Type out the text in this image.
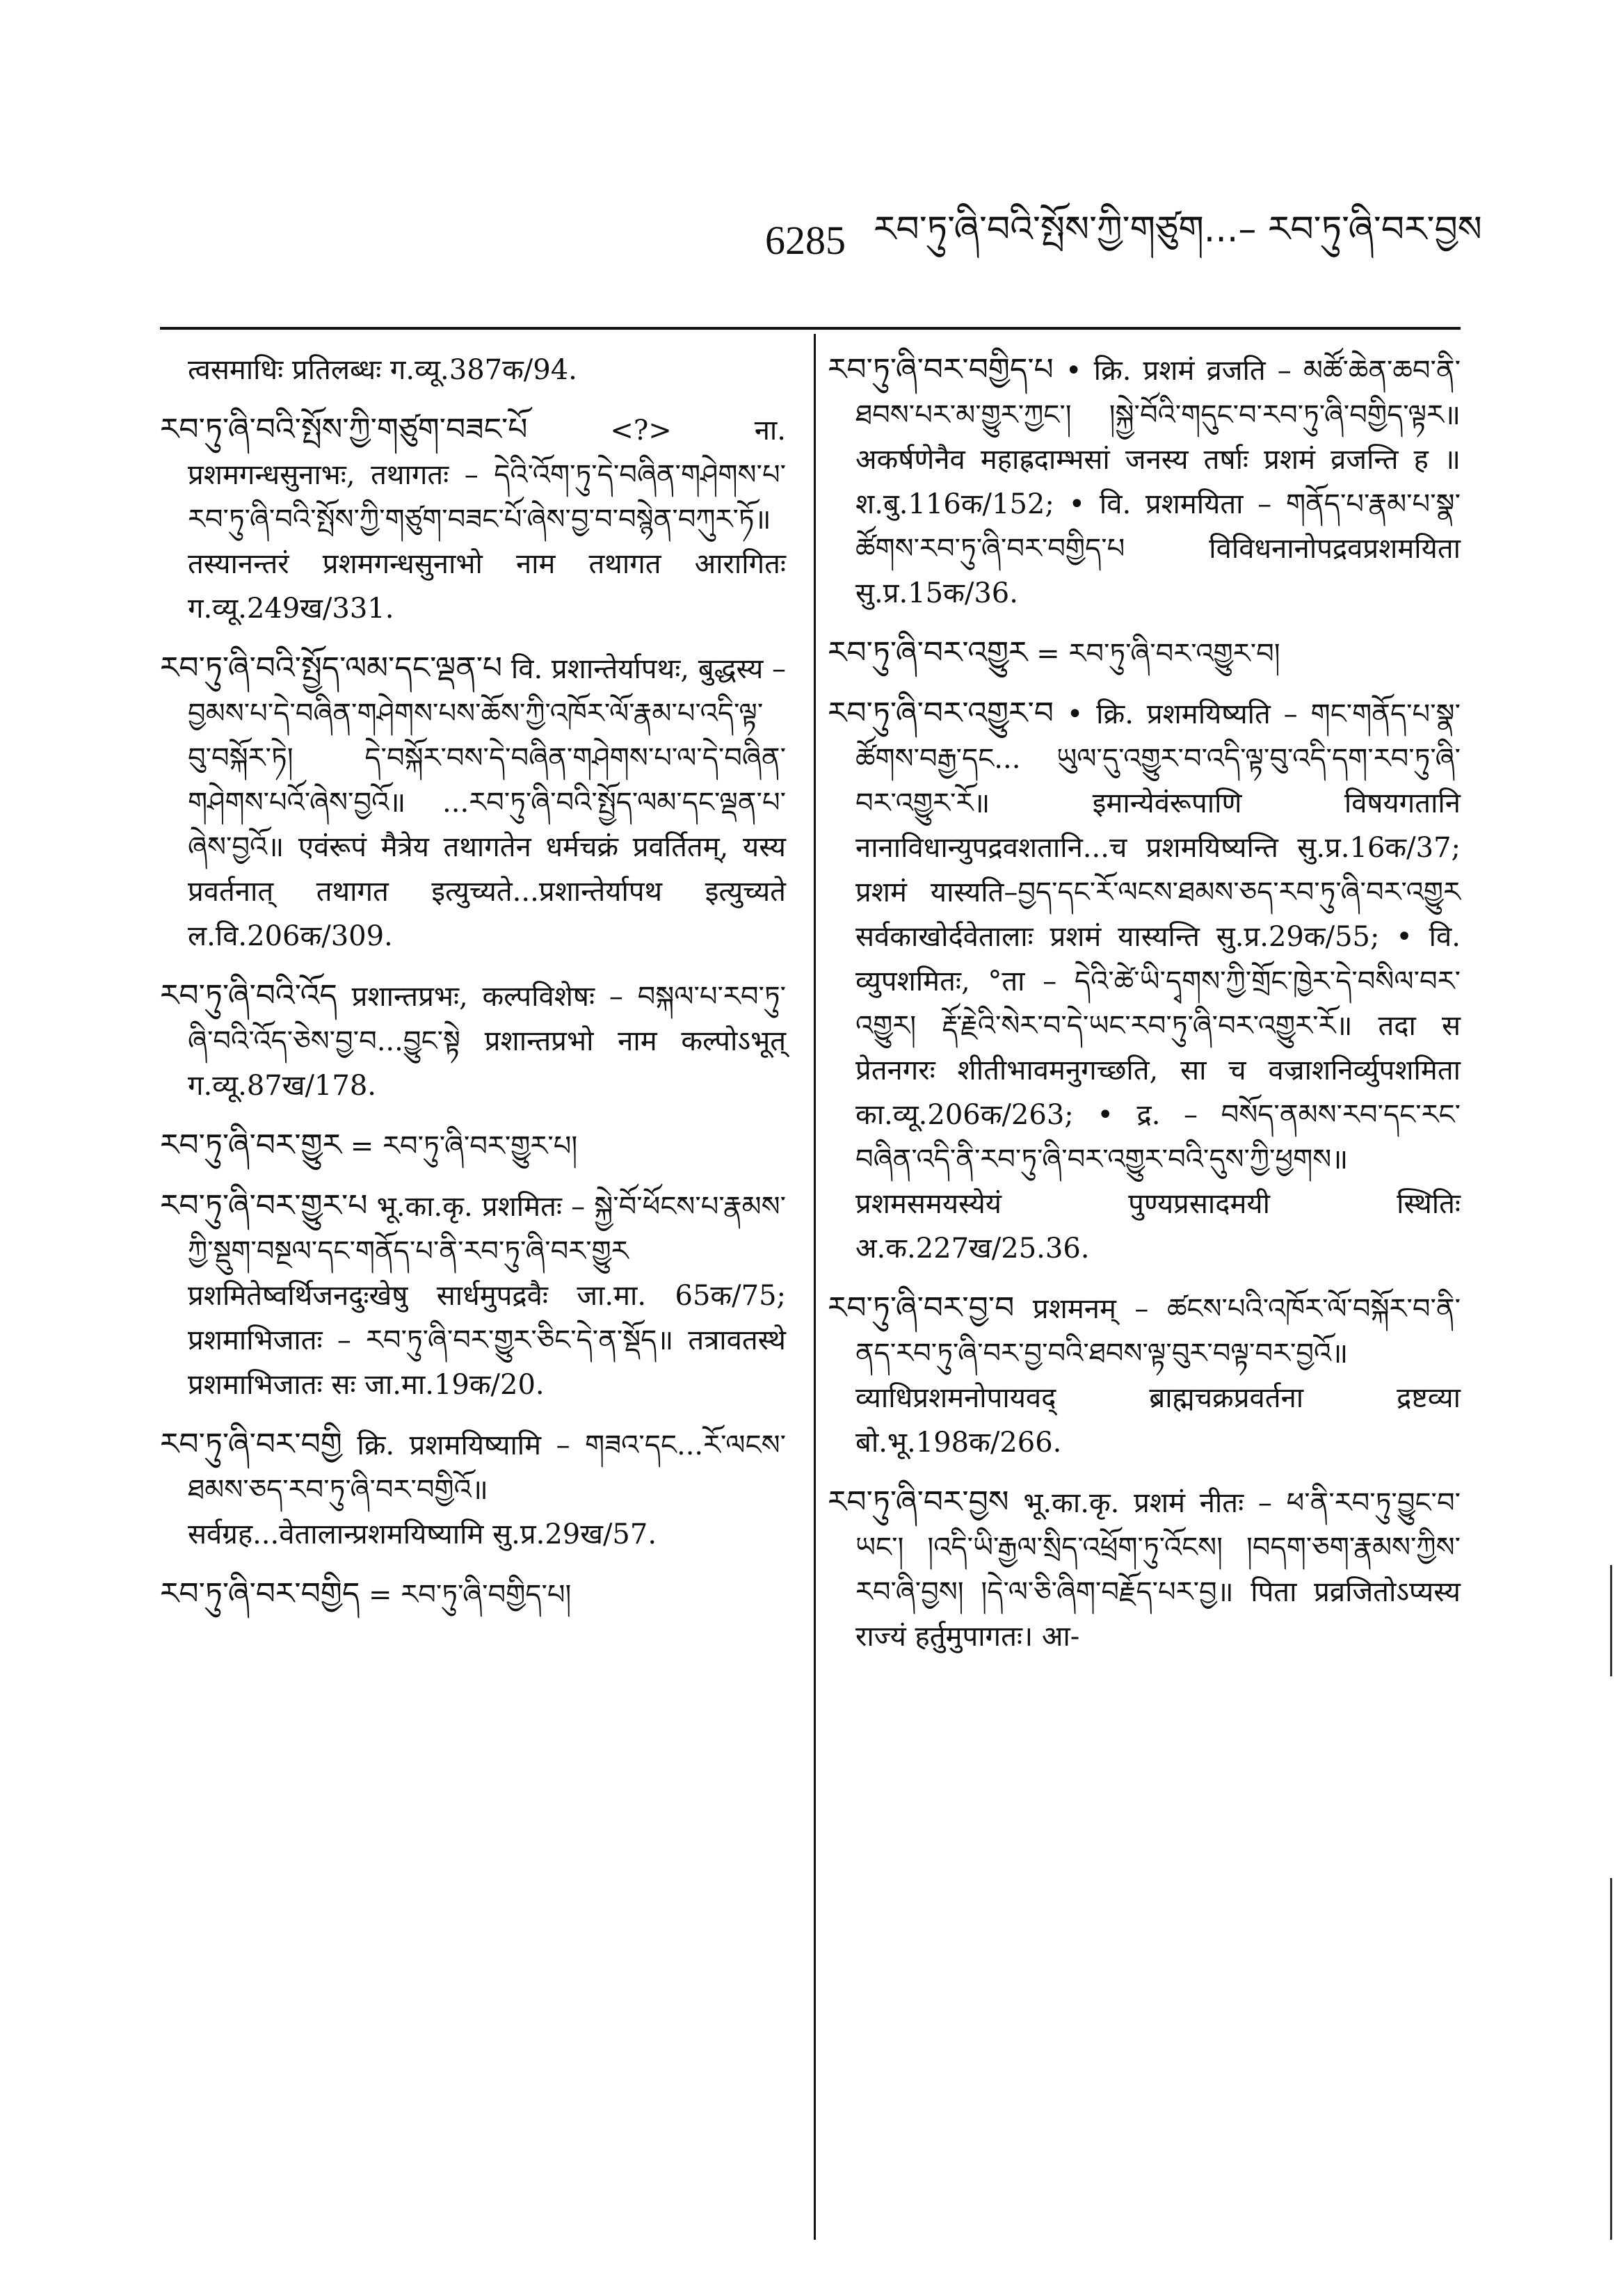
6285 རབ་ཏུ་ཞི་བའི་སྤོས་ཀྱི་གཙུག...– རབ་ཏུ་ཞི་བར་བྱས
त्वसमाधिः प्रतिलब्धः ग.व्यू.387क/94.
རབ་ཏུ་ཞི་བའི་སྤོས་ཀྱི་གཙུག་བཟང་པོ	<?> ना. प्रशमगन्धसुनाभः, तथागतः – དེའི་འོག་ཏུ་དེ་བཞིན་གཤེགས་པ་རབ་ཏུ་ཞི་བའི་སྤོས་ཀྱི་གཙུག་བཟང་པོ་ཞེས་བྱ་བ་བསྙེན་བཀུར་ཏོ॥ तस्यानन्तरं प्रशमगन्धसुनाभो नाम तथागत आरागितः ग.व्यू.249ख/331.
རབ་ཏུ་ཞི་བའི་སྤྱོད་ལམ་དང་ལྡན་པ वि. प्रशान्तेर्यापथः, बुद्धस्य – བྱམས་པ་དེ་བཞིན་གཤེགས་པས་ཆོས་ཀྱི་འཁོར་ལོ་རྣམ་པ་འདི་ལྟ་བུ་བསྐོར་ཏེ། དེ་བསྐོར་བས་དེ་བཞིན་གཤེགས་པ་ལ་དེ་བཞིན་གཤེགས་པའོ་ཞེས་བྱའོ॥ ...རབ་ཏུ་ཞི་བའི་སྤྱོད་ལམ་དང་ལྡན་པ་ཞེས་བྱའོ॥ एवंरूपं मैत्रेय तथागतेन धर्मचक्रं प्रवर्तितम्, यस्य प्रवर्तनात् तथागत इत्युच्यते...प्रशान्तेर्यापथ इत्युच्यते ल.वि.206क/309.
རབ་ཏུ་ཞི་བའི་འོད प्रशान्तप्रभः, कल्पविशेषः – བསྐལ་པ་རབ་ཏུ་ཞི་བའི་འོད་ཅེས་བྱ་བ...བྱུང་སྟེ प्रशान्तप्रभो नाम कल्पोऽभूत् ग.व्यू.87ख/178.
རབ་ཏུ་ཞི་བར་གྱུར = རབ་ཏུ་ཞི་བར་གྱུར་པ།
རབ་ཏུ་ཞི་བར་གྱུར་པ भू.का.कृ. प्रशमितः – སྐྱེ་བོ་ཕོངས་པ་རྣམས་ཀྱི་སྡུག་བསྔལ་དང་གནོད་པ་ནི་རབ་ཏུ་ཞི་བར་གྱུར प्रशमितेष्वर्थिजनदुःखेषु सार्धमुपद्रवैः जा.मा. 65क/75; प्रशमाभिजातः – རབ་ཏུ་ཞི་བར་གྱུར་ཅིང་དེ་ན་སྡོད॥ तत्रावतस्थे प्रशमाभिजातः सः जा.मा.19क/20.
རབ་ཏུ་ཞི་བར་བགྱི क्रि. प्रशमयिष्यामि – གཟའ་དང...རོ་ལངས་ཐམས་ཅད་རབ་ཏུ་ཞི་བར་བགྱིའོ॥ सर्वग्रह...वेतालान्प्रशमयिष्यामि सु.प्र.29ख/57.
རབ་ཏུ་ཞི་བར་བགྱིད = རབ་ཏུ་ཞི་བགྱིད་པ།
རབ་ཏུ་ཞི་བར་བགྱིད་པ • क्रि. प्रशमं व्रजति – མཚོ་ཆེན་ཆབ་ནི་ཐབས་པར་མ་གྱུར་ཀྱང་། །སྐྱེ་བོའི་གདུང་བ་རབ་ཏུ་ཞི་བགྱིད་ལྟར॥ अकर्षणेनैव महाह्रदाम्भसां जनस्य तर्षाः प्रशमं व्रजन्ति ह ॥ श.बु.116क/152; • वि. प्रशमयिता – གནོད་པ་རྣམ་པ་སྣ་ཚོགས་རབ་ཏུ་ཞི་བར་བགྱིད་པ विविधनानोपद्रवप्रशमयिता सु.प्र.15क/36.
རབ་ཏུ་ཞི་བར་འགྱུར = རབ་ཏུ་ཞི་བར་འགྱུར་བ།
རབ་ཏུ་ཞི་བར་འགྱུར་བ • क्रि. प्रशमयिष्यति – གང་གནོད་པ་སྣ་ཚོགས་བརྒྱ་དང... ཡུལ་དུ་འགྱུར་བ་འདི་ལྟ་བུ་འདི་དག་རབ་ཏུ་ཞི་བར་འགྱུར་རོ॥ इमान्येवंरूपाणि विषयगतानि नानाविधान्युपद्रवशतानि...च प्रशमयिष्यन्ति सु.प्र.16क/37; प्रशमं यास्यति–བྱད་དང་རོ་ལངས་ཐམས་ཅད་རབ་ཏུ་ཞི་བར་འགྱུར सर्वकाखोर्दवेतालाः प्रशमं यास्यन्ति सु.प्र.29क/55; • वि. व्युपशमितः, °ता – དེའི་ཚེ་ཡི་དྭགས་ཀྱི་གྲོང་ཁྱེར་དེ་བསིལ་བར་འགྱུར། རྡོ་རྗེའི་སེར་བ་དེ་ཡང་རབ་ཏུ་ཞི་བར་འགྱུར་རོ॥ तदा स प्रेतनगरः शीतीभावमनुगच्छति, सा च वज्राशनिर्व्युपशमिता का.व्यू.206क/263; • द्र. – བསོད་ནམས་རབ་དང་རང་བཞིན་འདི་ནི་རབ་ཏུ་ཞི་བར་འགྱུར་བའི་དུས་ཀྱི་ཕྱགས॥ प्रशमसमयस्येयं पुण्यप्रसादमयी स्थितिः अ.क.227ख/25.36.
རབ་ཏུ་ཞི་བར་བྱ་བ प्रशमनम् – ཚངས་པའི་འཁོར་ལོ་བསྐོར་བ་ནི་ནད་རབ་ཏུ་ཞི་བར་བྱ་བའི་ཐབས་ལྟ་བུར་བལྟ་བར་བྱའོ॥ व्याधिप्रशमनोपायवद् ब्राह्मचक्रप्रवर्तना द्रष्टव्या बो.भू.198क/266.
རབ་ཏུ་ཞི་བར་བྱས भू.का.कृ. प्रशमं नीतः – ཕ་ནི་རབ་ཏུ་བྱུང་བ་ཡང་། །འདི་ཡི་རྒྱལ་སྲིད་འཕྲོག་ཏུ་འོངས། །བདག་ཅག་རྣམས་ཀྱིས་རབ་ཞི་བྱས། །དེ་ལ་ཅི་ཞིག་བརྗོད་པར་བྱ॥ पिता प्रव्रजितोऽप्यस्य राज्यं हर्तुमुपागतः। आ-
